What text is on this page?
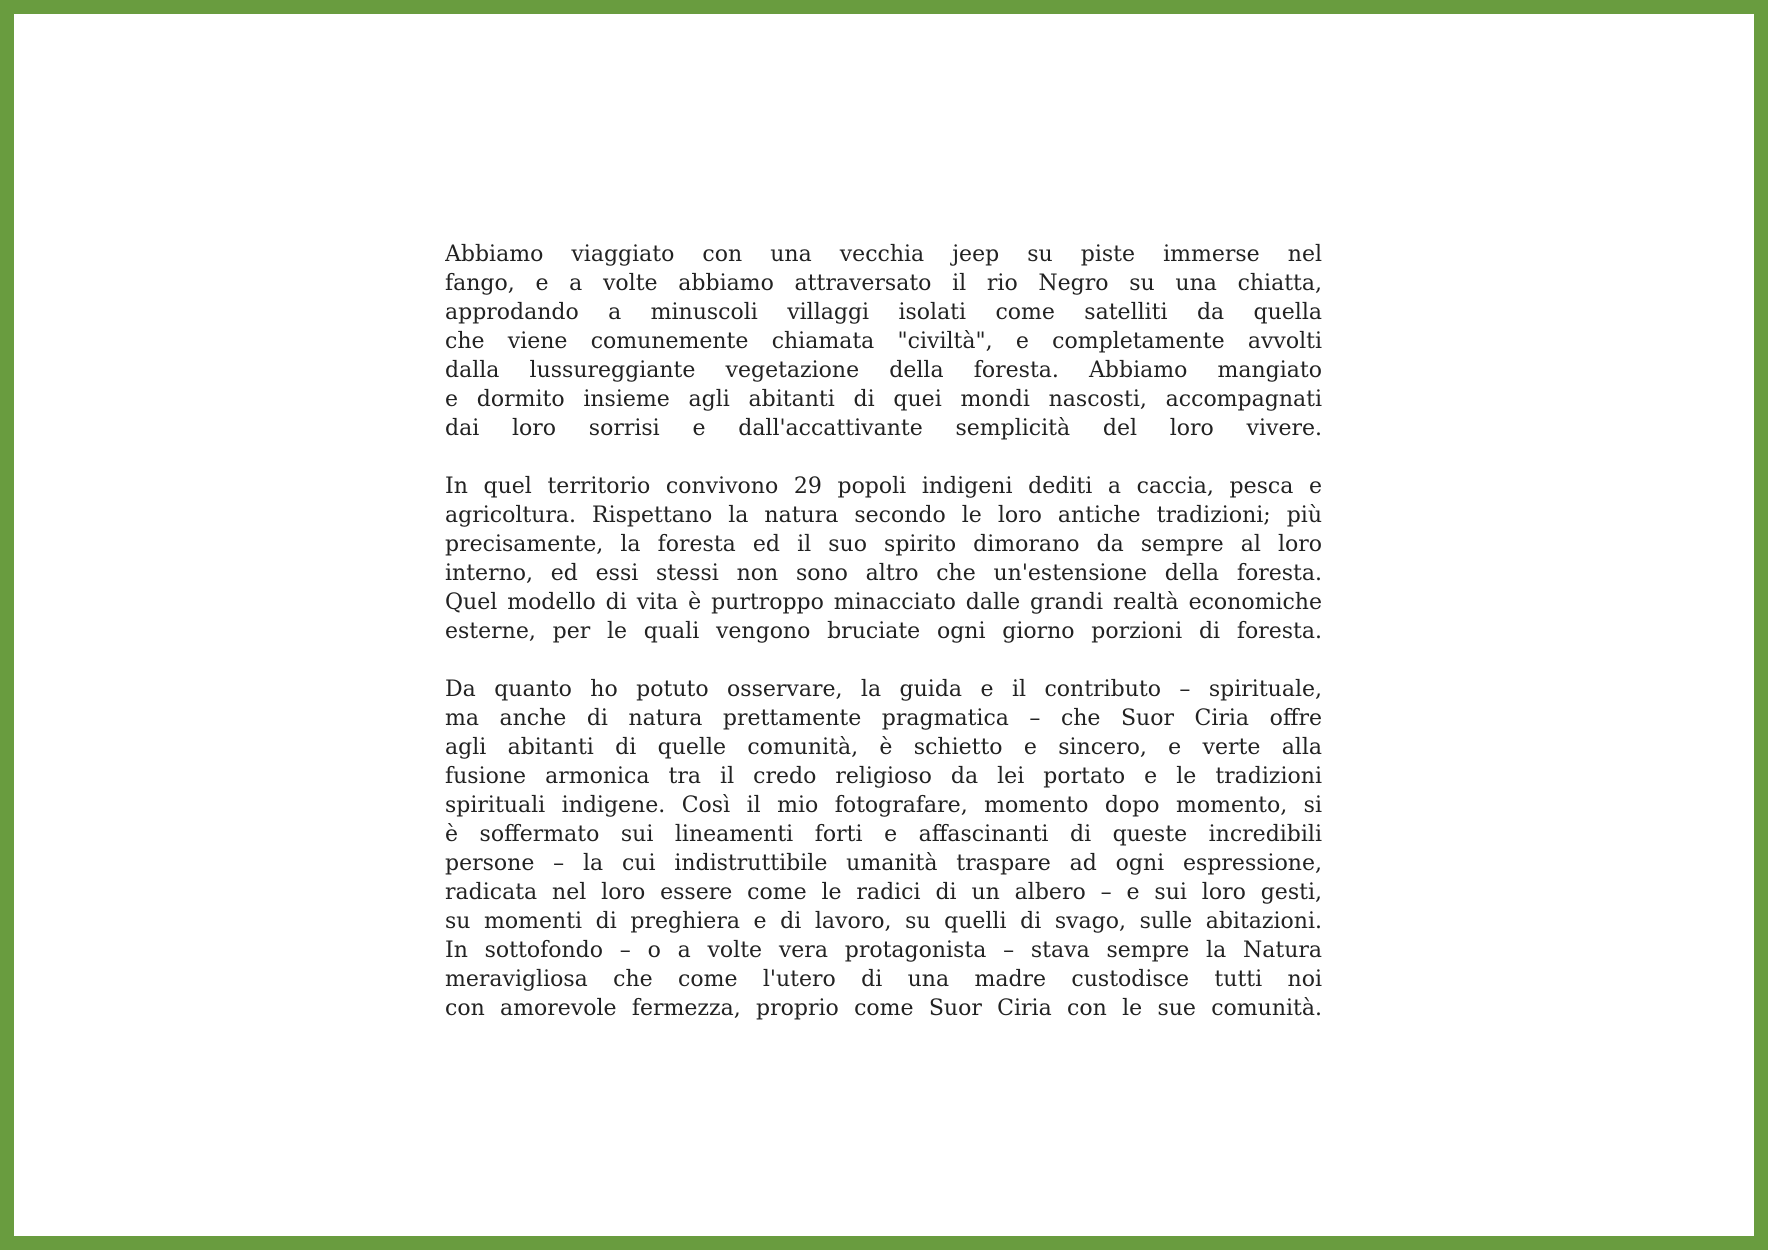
Abbiamo viaggiato con una vecchia jeep su piste immerse nel
fango, e a volte abbiamo attraversato il rio Negro su una chiatta,
approdando a minuscoli villaggi isolati come satelliti da quella
che viene comunemente chiamata "civiltà", e completamente avvolti
dalla lussureggiante vegetazione della foresta. Abbiamo mangiato
e dormito insieme agli abitanti di quei mondi nascosti, accompagnati
dai loro sorrisi e dall'accattivante semplicità del loro vivere.
In quel territorio convivono 29 popoli indigeni dediti a caccia, pesca e
agricoltura. Rispettano la natura secondo le loro antiche tradizioni; più
precisamente, la foresta ed il suo spirito dimorano da sempre al loro
interno, ed essi stessi non sono altro che un'estensione della foresta.
Quel modello di vita è purtroppo minacciato dalle grandi realtà economiche
esterne, per le quali vengono bruciate ogni giorno porzioni di foresta.
Da quanto ho potuto osservare, la guida e il contributo – spirituale,
ma anche di natura prettamente pragmatica – che Suor Ciria offre
agli abitanti di quelle comunità, è schietto e sincero, e verte alla
fusione armonica tra il credo religioso da lei portato e le tradizioni
spirituali indigene. Così il mio fotografare, momento dopo momento, si
è soffermato sui lineamenti forti e affascinanti di queste incredibili
persone – la cui indistruttibile umanità traspare ad ogni espressione,
radicata nel loro essere come le radici di un albero – e sui loro gesti,
su momenti di preghiera e di lavoro, su quelli di svago, sulle abitazioni.
In sottofondo – o a volte vera protagonista – stava sempre la Natura
meravigliosa che come l'utero di una madre custodisce tutti noi
con amorevole fermezza, proprio come Suor Ciria con le sue comunità.
